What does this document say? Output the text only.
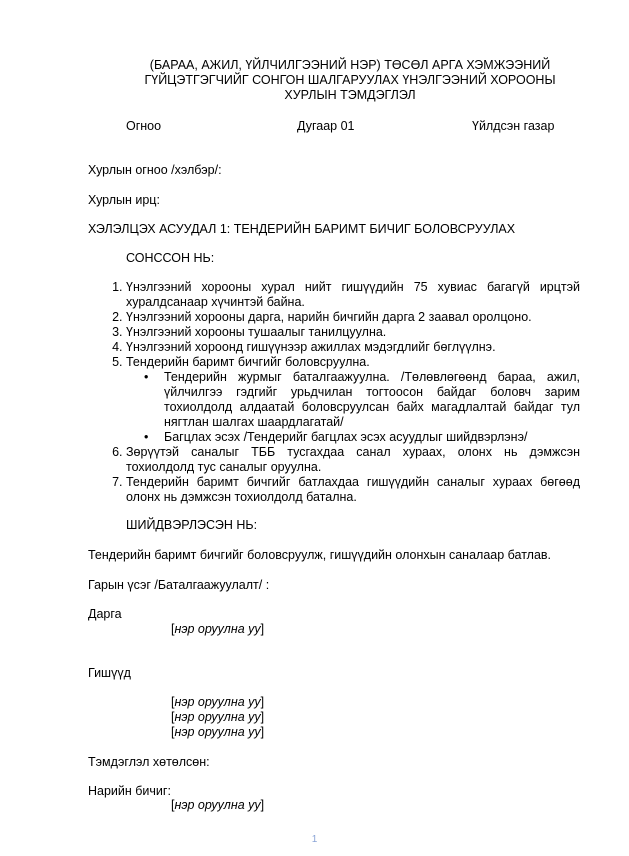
(БАРАА, АЖИЛ, ҮЙЛЧИЛГЭЭНИЙ НЭР) ТӨСӨЛ АРГА ХЭМЖЭЭНИЙ
ГҮЙЦЭТГЭГЧИЙГ СОНГОН ШАЛГАРУУЛАХ ҮНЭЛГЭЭНИЙ ХОРООНЫ
ХУРЛЫН ТЭМДЭГЛЭЛ
Огноо	Дугаар 01	Үйлдсэн газар
Хурлын огноо /хэлбэр/:
Хурлын ирц:
ХЭЛЭЛЦЭХ АСУУДАЛ 1: ТЕНДЕРИЙН БАРИМТ БИЧИГ БОЛОВСРУУЛАХ
СОНССОН НЬ:
1. Үнэлгээний хорооны хурал нийт гишүүдийн 75 хувиас багагүй ирцтэй хуралдсанаар хүчинтэй байна.
2. Үнэлгээний хорооны дарга, нарийн бичгийн дарга 2 заавал оролцоно.
3. Үнэлгээний хорооны тушаалыг танилцуулна.
4. Үнэлгээний хороонд гишүүнээр ажиллах мэдэгдлийг бөглүүлнэ.
5. Тендерийн баримт бичгийг боловсруулна.
• Тендерийн журмыг баталгаажуулна. /Төлөвлөгөөнд бараа, ажил, үйлчилгээ гэдгийг урьдчилан тогтоосон байдаг боловч зарим тохиолдолд алдаатай боловсруулсан байх магадлалтай байдаг тул нягтлан шалгах шаардлагатай/
• Багцлах эсэх /Тендерийг багцлах эсэх асуудлыг шийдвэрлэнэ/
6. Зөрүүтэй саналыг ТББ тусгахдаа санал хураах, олонх нь дэмжсэн тохиолдолд тус саналыг оруулна.
7. Тендерийн баримт бичгийг батлахдаа гишүүдийн саналыг хураах бөгөөд олонх нь дэмжсэн тохиолдолд батална.
ШИЙДВЭРЛЭСЭН НЬ:
Тендерийн баримт бичгийг боловсруулж, гишүүдийн олонхын саналаар батлав.
Гарын үсэг /Баталгаажуулалт/ :
Дарга
[нэр оруулна уу]
Гишүүд
[нэр оруулна уу]
[нэр оруулна уу]
[нэр оруулна уу]
Тэмдэглэл хөтөлсөн:
Нарийн бичиг:
[нэр оруулна уу]
1
